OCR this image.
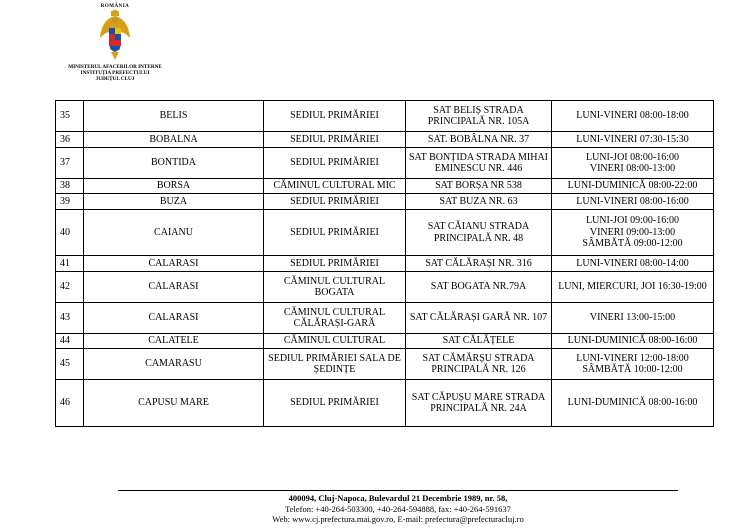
ROMÂNIA
MINISTERUL AFACERILOR INTERNE
INSTITUȚIA PREFECTULUI
JUDEȚUL CLUJ
35	BELIS	SEDIUL PRIMĂRIEI	SAT BELIȘ STRADA PRINCIPALĂ NR. 105A	LUNI-VINERI 08:00-18:00
36	BOBALNA	SEDIUL PRIMĂRIEI	SAT. BOBÂLNA NR. 37	LUNI-VINERI 07:30-15:30
37	BONTIDA	SEDIUL PRIMĂRIEI	SAT BONȚIDA STRADA MIHAI EMINESCU NR. 446	LUNI-JOI 08:00-16:00
VINERI 08:00-13:00
38	BORSA	CĂMINUL CULTURAL MIC	SAT BORȘA NR 538	LUNI-DUMINICĂ 08:00-22:00
39	BUZA	SEDIUL PRIMĂRIEI	SAT BUZA NR. 63	LUNI-VINERI 08:00-16:00
40	CAIANU	SEDIUL PRIMĂRIEI	SAT CĂIANU STRADA PRINCIPALĂ NR. 48	LUNI-JOI 09:00-16:00
VINERI 09:00-13:00
SÂMBĂTĂ 09:00-12:00
41	CALARASI	SEDIUL PRIMĂRIEI	SAT CĂLĂRAȘI NR. 316	LUNI-VINERI 08:00-14:00
42	CALARASI	CĂMINUL CULTURAL BOGATA	SAT BOGATA NR.79A	LUNI, MIERCURI, JOI 16:30-19:00
43	CALARASI	CĂMINUL CULTURAL CĂLĂRAȘI-GARĂ	SAT CĂLĂRAȘI GARĂ NR. 107	VINERI 13:00-15:00
44	CALATELE	CĂMINUL CULTURAL	SAT CĂLĂȚELE	LUNI-DUMINICĂ 08:00-16:00
45	CAMARASU	SEDIUL PRIMĂRIEI SALA DE ȘEDINȚE	SAT CĂMĂRȘU STRADA PRINCIPALĂ NR. 126	LUNI-VINERI 12:00-18:00
SÂMBĂTĂ 10:00-12:00
46	CAPUSU MARE	SEDIUL PRIMĂRIEI	SAT CĂPUȘU MARE STRADA PRINCIPALĂ NR. 24A	LUNI-DUMINICĂ 08:00-16:00
400094, Cluj-Napoca, Bulevardul 21 Decembrie 1989, nr. 58,
Telefon: +40-264-503300, +40-264-594888, fax: +40-264-591637
Web: www.cj.prefectura.mai.gov.ro, E-mail: prefectura@prefecturacluj.ro
